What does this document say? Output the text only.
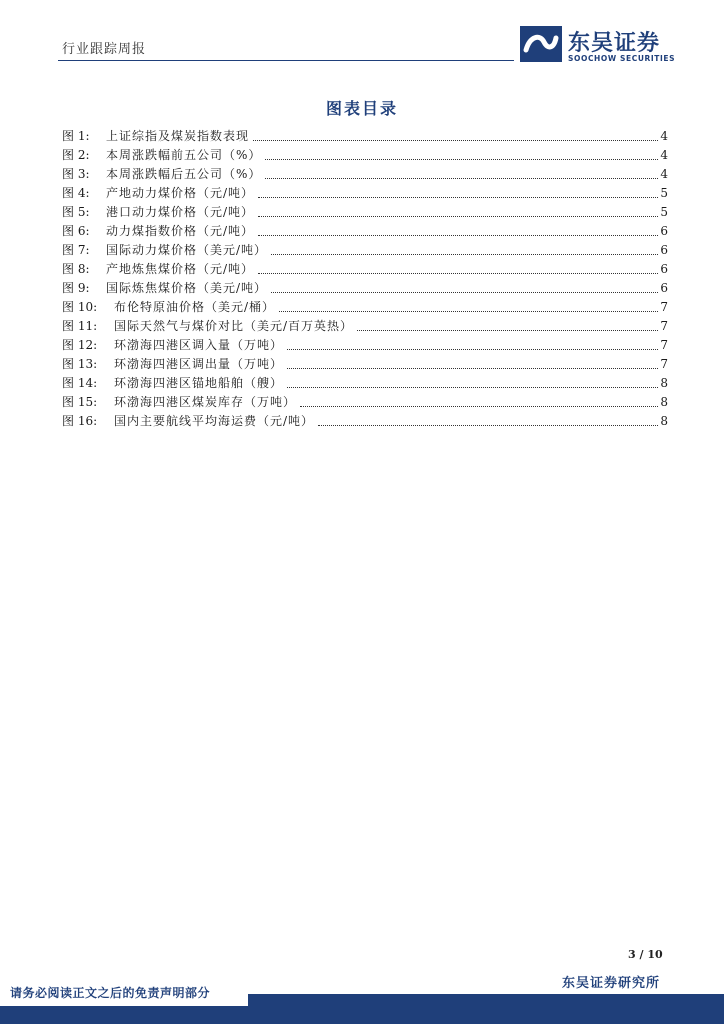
行业跟踪周报	东吴证券
SOOCHOW SECURITIES
图表目录
图 1:	上证综指及煤炭指数表现	4
图 2:	本周涨跌幅前五公司（%）	4
图 3:	本周涨跌幅后五公司（%）	4
图 4:	产地动力煤价格（元/吨）	5
图 5:	港口动力煤价格（元/吨）	5
图 6:	动力煤指数价格（元/吨）	6
图 7:	国际动力煤价格（美元/吨）	6
图 8:	产地炼焦煤价格（元/吨）	6
图 9:	国际炼焦煤价格（美元/吨）	6
图 10:	布伦特原油价格（美元/桶）	7
图 11:	国际天然气与煤价对比（美元/百万英热）	7
图 12:	环渤海四港区调入量（万吨）	7
图 13:	环渤海四港区调出量（万吨）	7
图 14:	环渤海四港区锚地船舶（艘）	8
图 15:	环渤海四港区煤炭库存（万吨）	8
图 16:	国内主要航线平均海运费（元/吨）	8
3 / 10
东吴证券研究所
请务必阅读正文之后的免责声明部分
